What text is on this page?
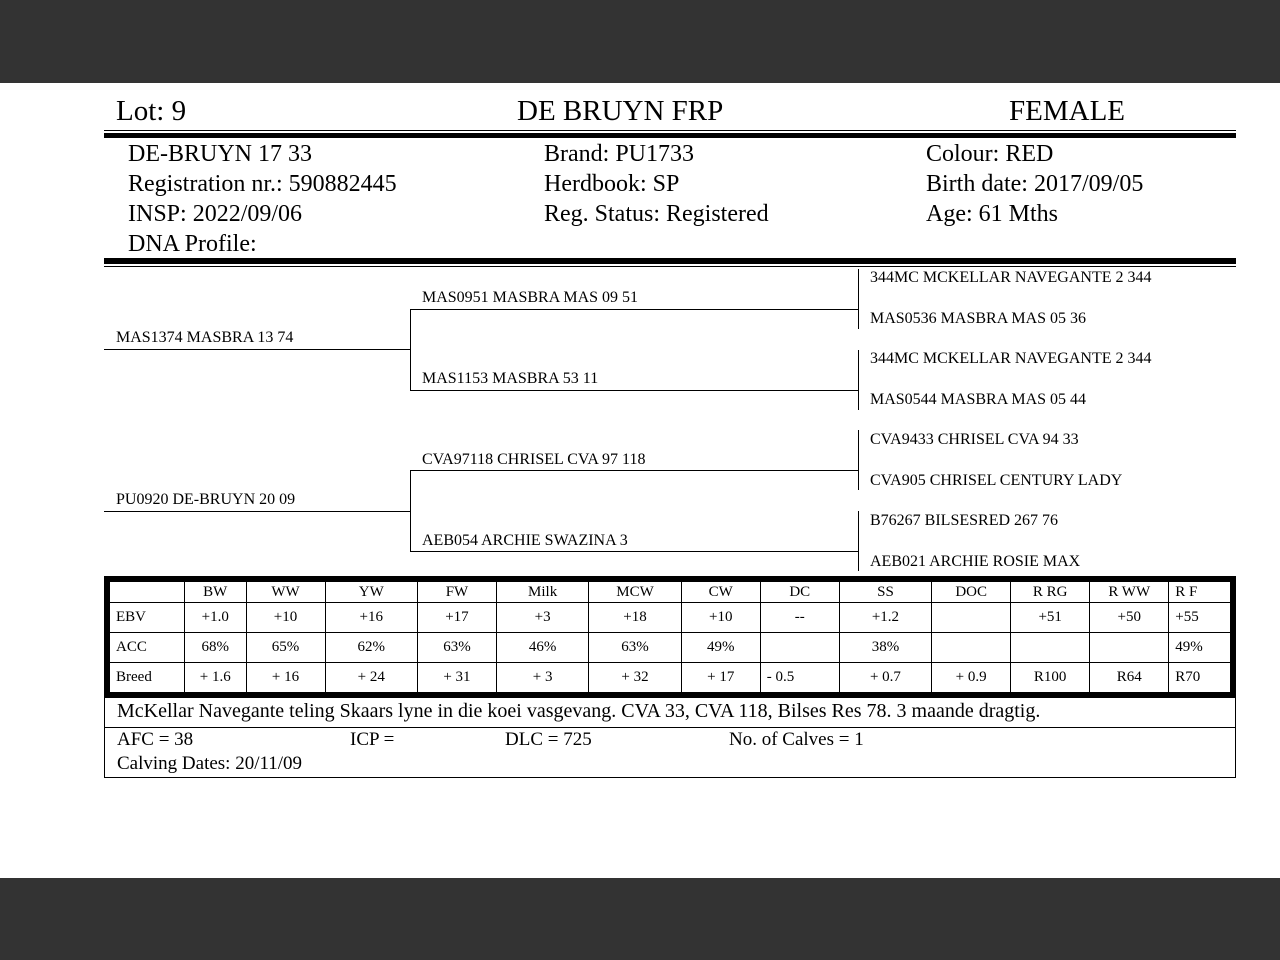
Lot: 9	DE BRUYN FRP	FEMALE
DE-BRUYN 17 33
Registration nr.: 590882445
INSP: 2022/09/06
DNA Profile:
Brand: PU1733
Herdbook: SP
Reg. Status: Registered
Colour: RED
Birth date: 2017/09/05
Age: 61 Mths
MAS1374 MASBRA 13 74
PU0920 DE-BRUYN 20 09
MAS0951 MASBRA MAS 09 51
MAS1153 MASBRA 53 11
CVA97118 CHRISEL CVA 97 118
AEB054 ARCHIE SWAZINA 3
344MC MCKELLAR NAVEGANTE 2 344
MAS0536 MASBRA MAS 05 36
344MC MCKELLAR NAVEGANTE 2 344
MAS0544 MASBRA MAS 05 44
CVA9433 CHRISEL CVA 94 33
CVA905 CHRISEL CENTURY LADY
B76267 BILSESRED 267 76
AEB021 ARCHIE ROSIE MAX
	BW	WW	YW	FW	Milk	MCW	CW	DC	SS	DOC	R RG	R WW	R F
EBV	+1.0	+10	+16	+17	+3	+18	+10	--	+1.2		+51	+50	+55
ACC	68%	65%	62%	63%	46%	63%	49%		38%				49%
Breed	+ 1.6	+ 16	+ 24	+ 31	+ 3	+ 32	+ 17	- 0.5	+ 0.7	+ 0.9	R100	R64	R70
McKellar Navegante teling Skaars lyne in die koei vasgevang. CVA 33, CVA 118, Bilses Res 78. 3 maande dragtig.
AFC = 38	ICP =	DLC = 725	No. of Calves = 1
Calving Dates: 20/11/09
